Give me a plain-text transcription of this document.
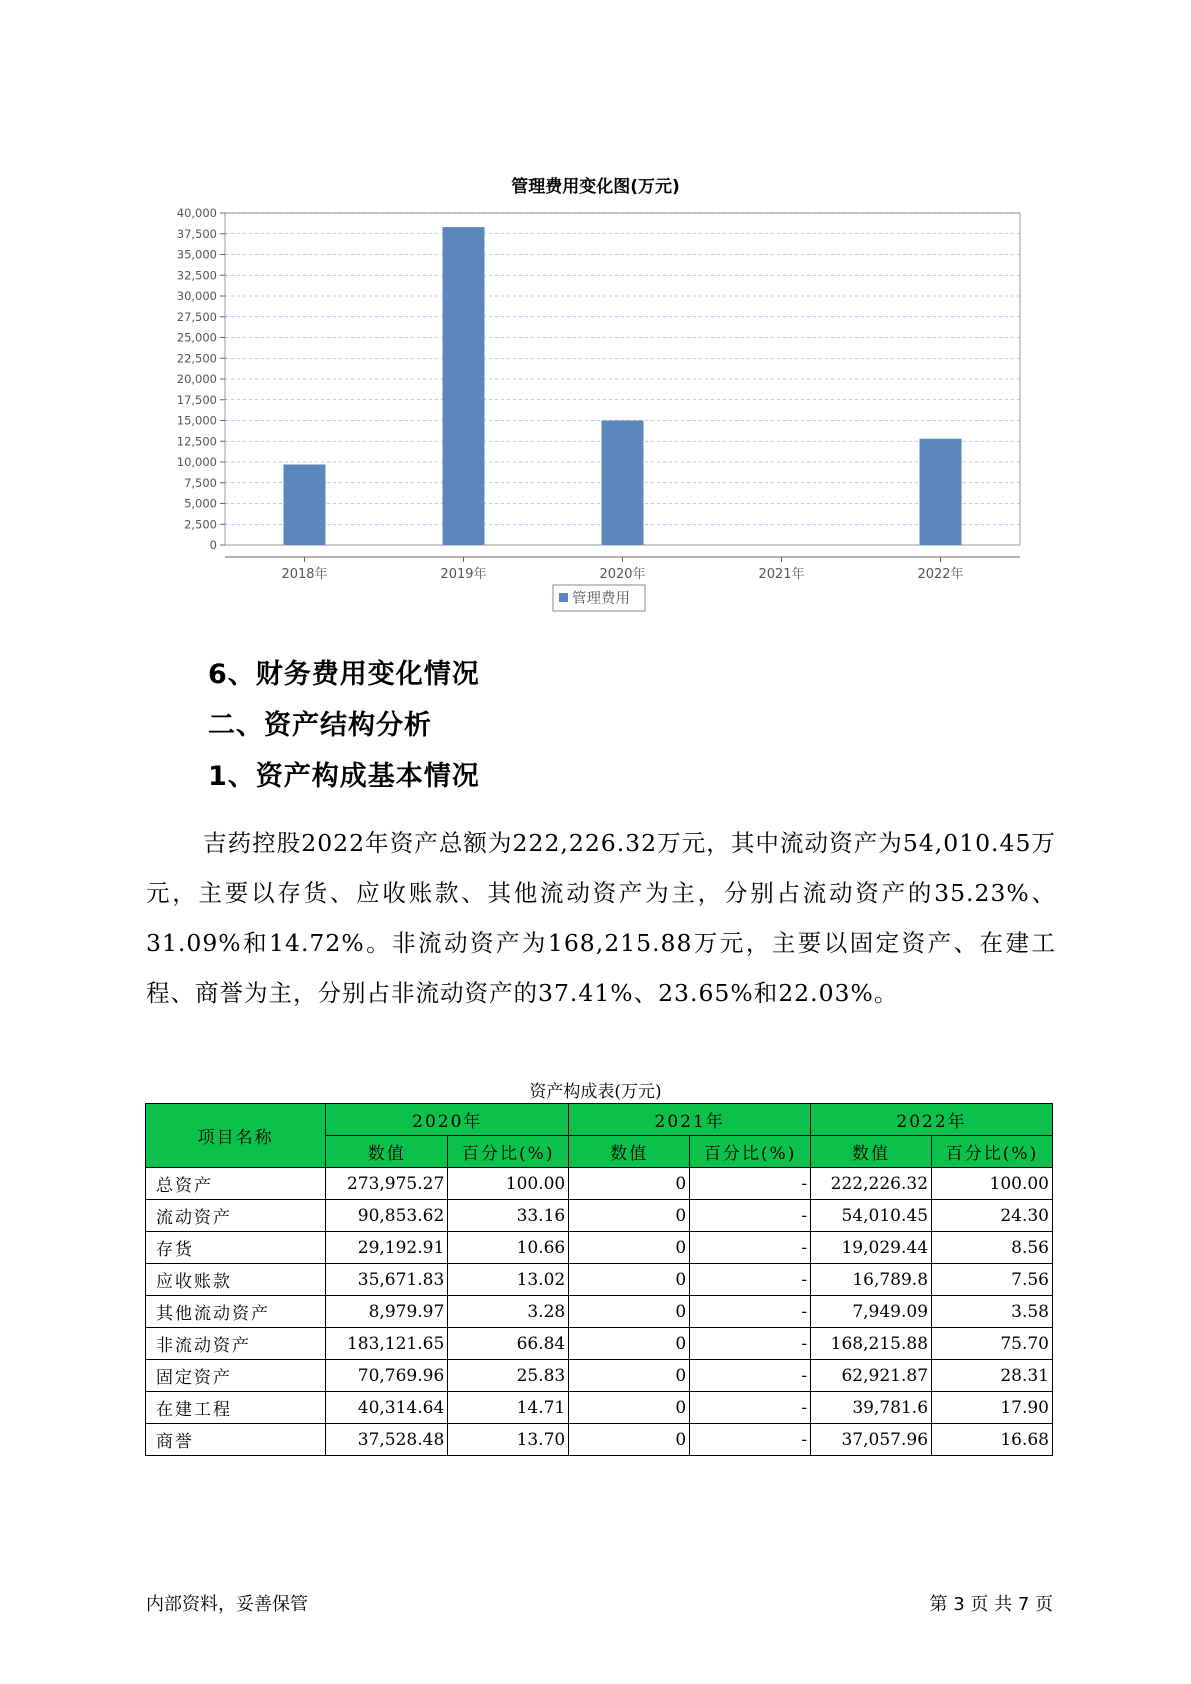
管理费用变化图(万元)
0
2,500
5,000
7,500
10,000
12,500
15,000
17,500
20,000
22,500
25,000
27,500
30,000
32,500
35,000
37,500
40,000
2018年	2019年	2020年	2021年	2022年
管理费用
6、财务费用变化情况
二、资产结构分析
1、资产构成基本情况
吉药控股2022年资产总额为222,226.32万元，其中流动资产为54,010.45万元，主要以存货、应收账款、其他流动资产为主，分别占流动资产的35.23%、31.09%和14.72%。非流动资产为168,215.88万元，主要以固定资产、在建工程、商誉为主，分别占非流动资产的37.41%、23.65%和22.03%。
资产构成表(万元)
项目名称	2020年		2021年		2022年	
	数值	百分比(%)	数值	百分比(%)	数值	百分比(%)
总资产	273,975.27	100.00	0	-	222,226.32	100.00
流动资产	90,853.62	33.16	0	-	54,010.45	24.30
存货	29,192.91	10.66	0	-	19,029.44	8.56
应收账款	35,671.83	13.02	0	-	16,789.8	7.56
其他流动资产	8,979.97	3.28	0	-	7,949.09	3.58
非流动资产	183,121.65	66.84	0	-	168,215.88	75.70
固定资产	70,769.96	25.83	0	-	62,921.87	28.31
在建工程	40,314.64	14.71	0	-	39,781.6	17.90
商誉	37,528.48	13.70	0	-	37,057.96	16.68
内部资料，妥善保管	第 3 页 共 7 页
